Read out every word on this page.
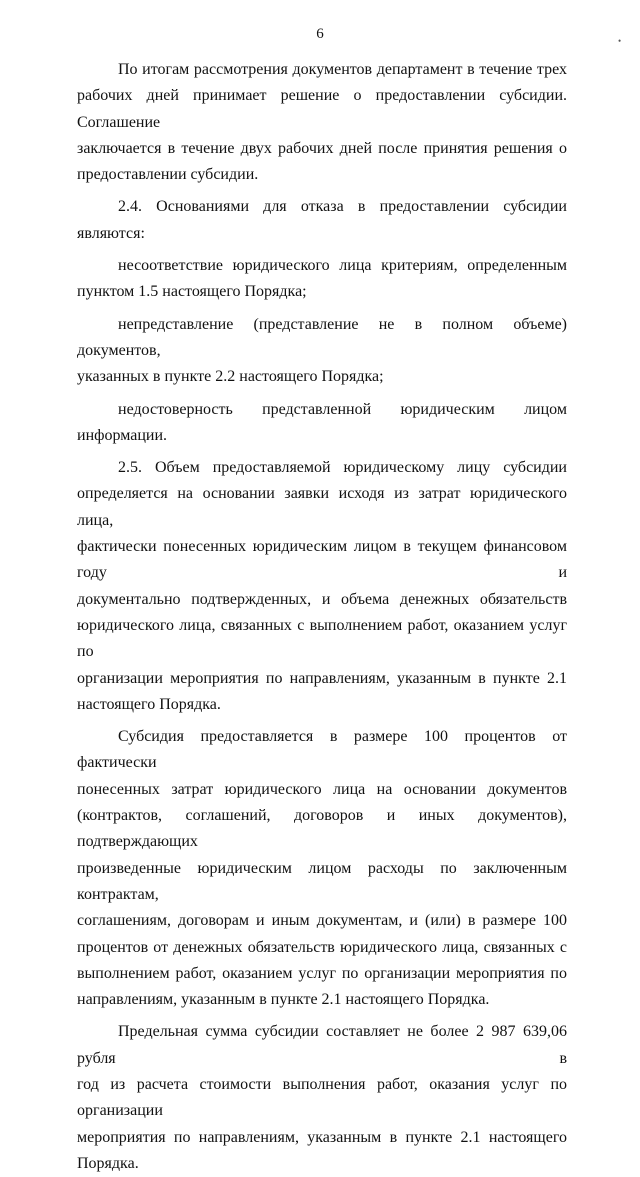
6	•

По итогам рассмотрения документов департамент в течение трех
рабочих дней принимает решение о предоставлении субсидии. Соглашение
заключается в течение двух рабочих дней после принятия решения о
предоставлении субсидии.

2.4. Основаниями для отказа в предоставлении субсидии являются:

несоответствие юридического лица критериям, определенным
пунктом 1.5 настоящего Порядка;

непредставление (представление не в полном объеме) документов,
указанных в пункте 2.2 настоящего Порядка;

недостоверность представленной юридическим лицом информации.

2.5. Объем предоставляемой юридическому лицу субсидии
определяется на основании заявки исходя из затрат юридического лица,
фактически понесенных юридическим лицом в текущем финансовом году и
документально подтвержденных, и объема денежных обязательств
юридического лица, связанных с выполнением работ, оказанием услуг по
организации мероприятия по направлениям, указанным в пункте 2.1
настоящего Порядка.

Субсидия предоставляется в размере 100 процентов от фактически
понесенных затрат юридического лица на основании документов
(контрактов, соглашений, договоров и иных документов), подтверждающих
произведенные юридическим лицом расходы по заключенным контрактам,
соглашениям, договорам и иным документам, и (или) в размере 100
процентов от денежных обязательств юридического лица, связанных с
выполнением работ, оказанием услуг по организации мероприятия по
направлениям, указанным в пункте 2.1 настоящего Порядка.

Предельная сумма субсидии составляет не более 2 987 639,06 рубля в
год из расчета стоимости выполнения работ, оказания услуг по организации
мероприятия по направлениям, указанным в пункте 2.1 настоящего
Порядка.
